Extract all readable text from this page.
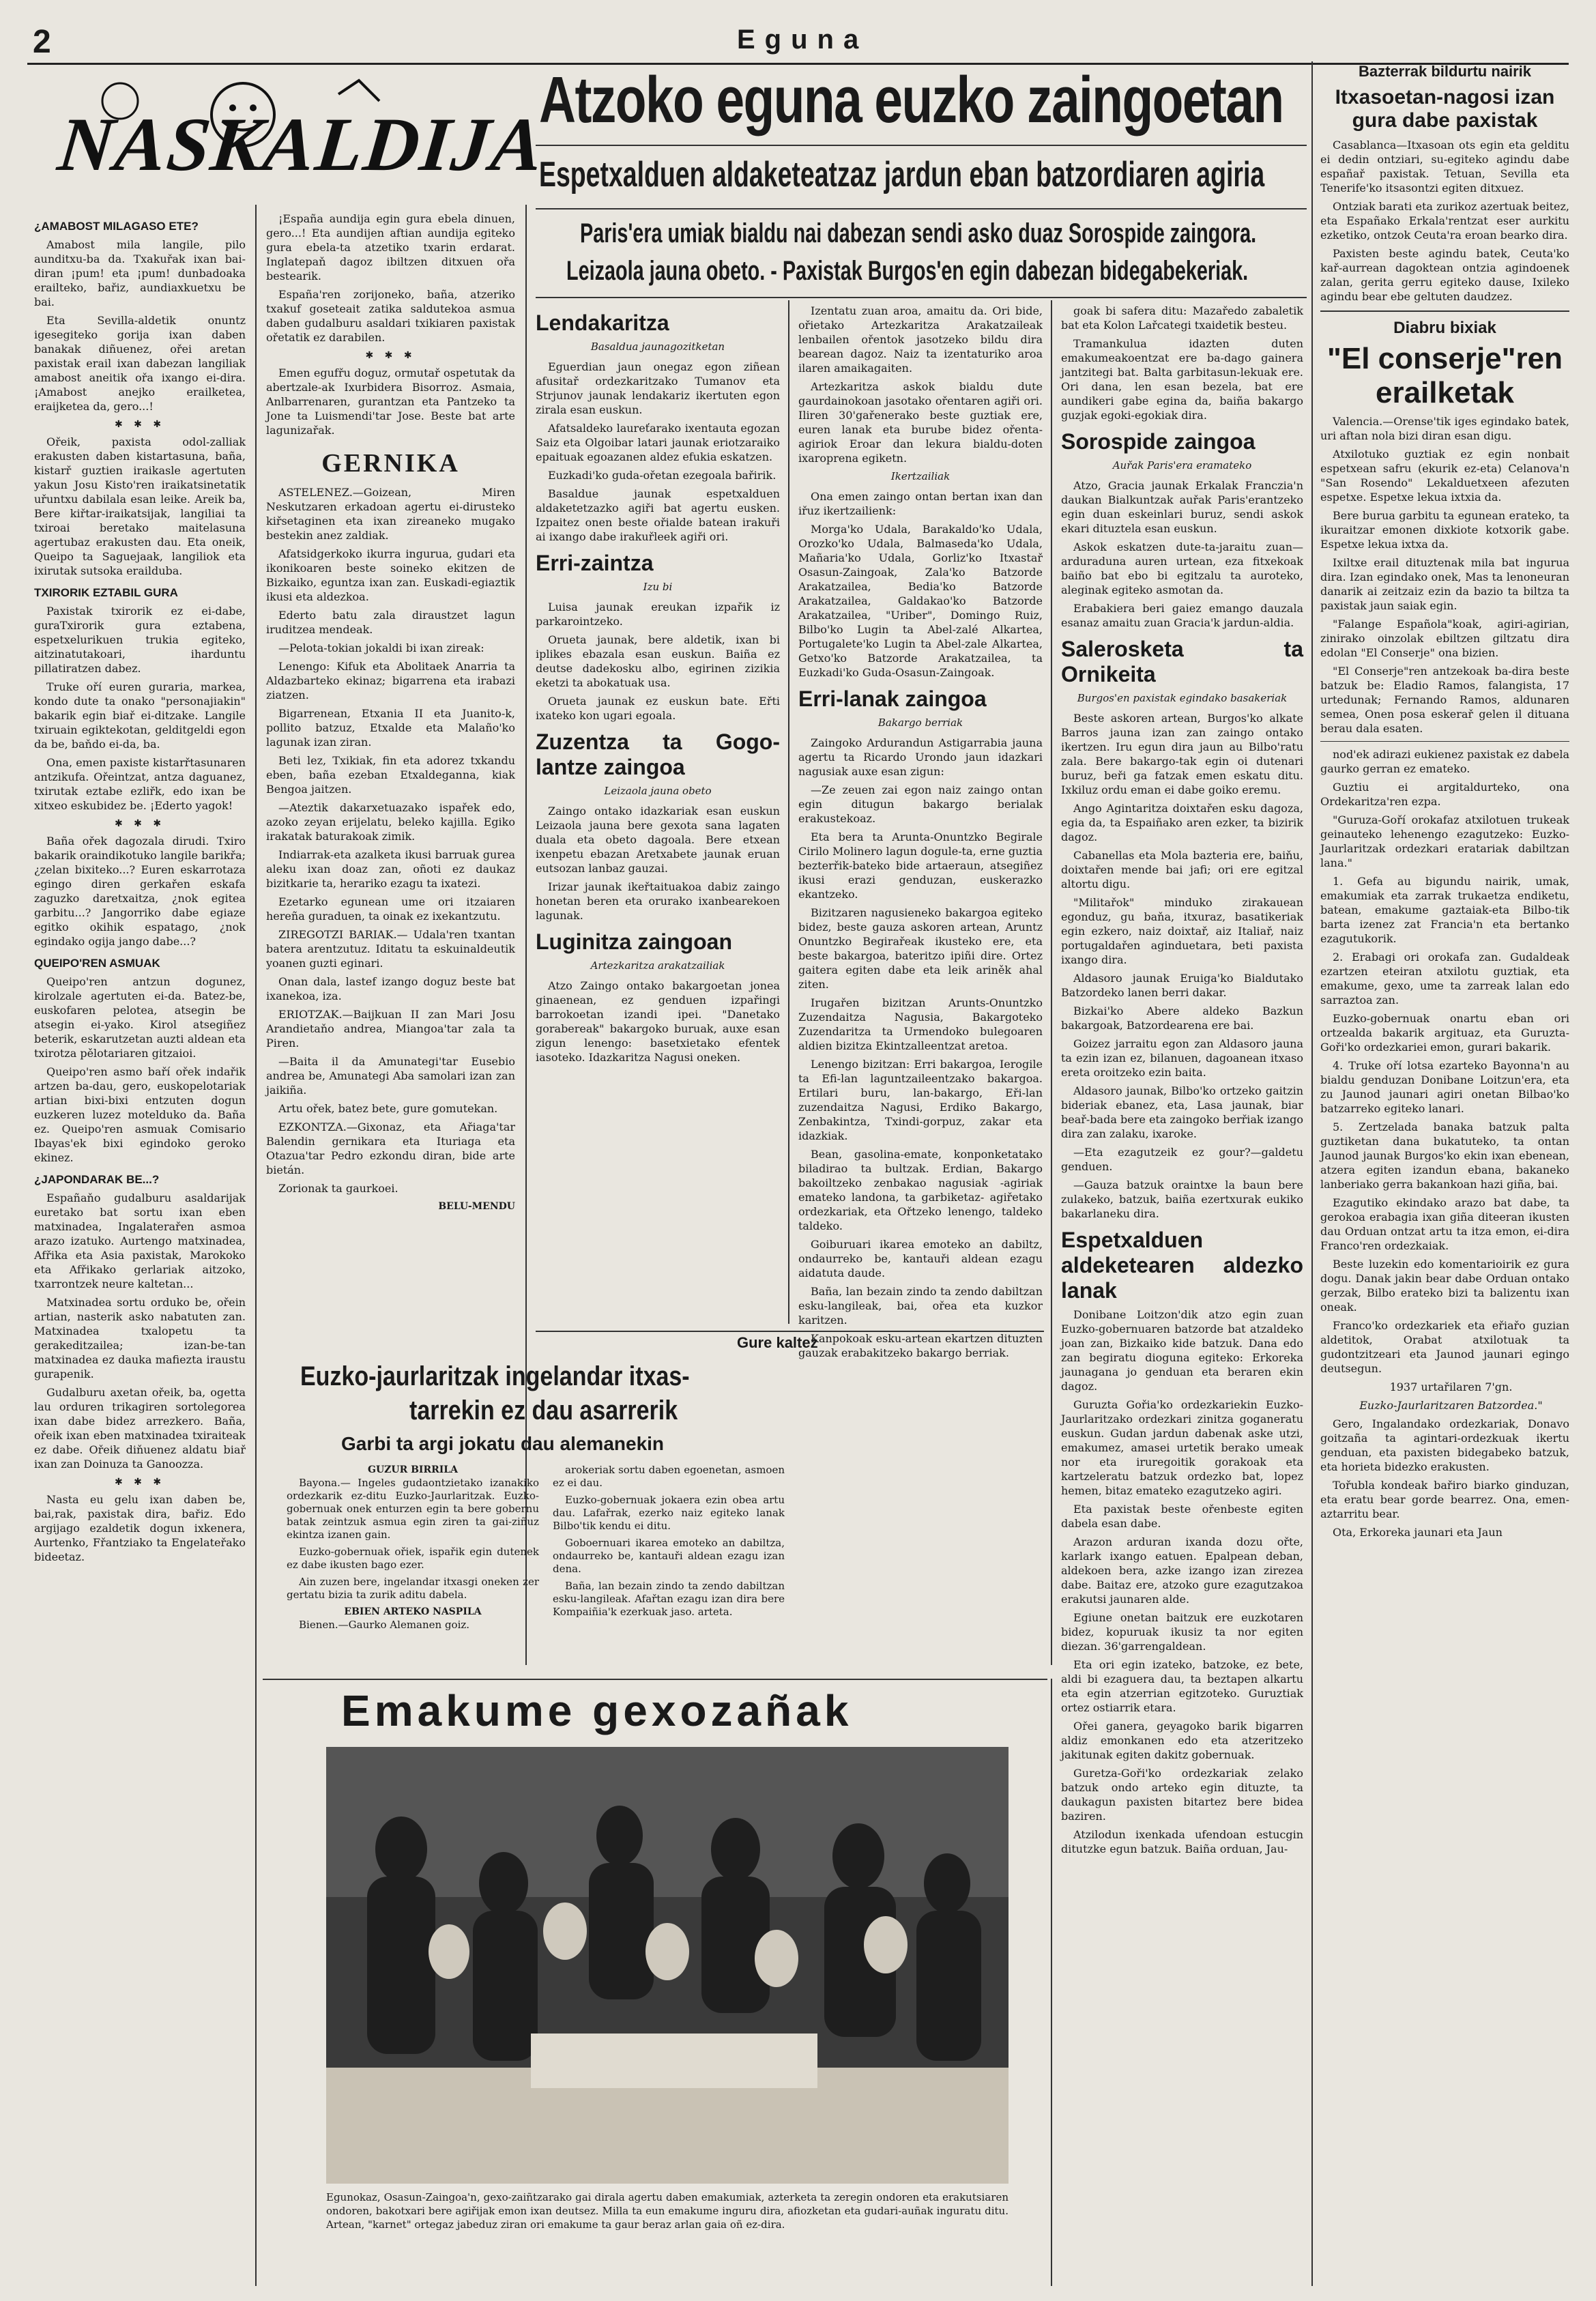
2	Eguna
NASKALDIJA
Atzoko eguna euzko zaingoetan
Espetxalduen aldaketeatzaz jardun eban batzordiaren agiria
Paris'era umiak bialdu nai dabezan sendi asko duaz Sorospide zaingora.
Leizaola jauna obeto. - Paxistak Burgos'en egin dabezan bidegabekeriak.
¿AMABOST MILAGASO ETE?

Amabost mila langile, pilo aunditxu-ba da. Txakuřak ixan bai-diran ¡pum! eta ¡pum! dunbadoaka erailteko, bařiz, aundiaxkuetxu be bai.

Eta Sevilla-aldetik onuntz igesegiteko gorija ixan daben banakak diñuenez, ořei aretan paxistak erail ixan dabezan langiliak amabost aneitik ořa ixango ei-dira. ¡Amabost anejko erailketea, eraijketea da, gero...!

✱ ✱ ✱

Ořeik, paxista odol-zalliak erakusten daben kistartasuna, baña, kistarř guztien iraikasle agertuten yakun Josu Kisto'ren iraikatsinetatik uřuntxu dabilala esan leike. Areik ba, Bere kiřtar-iraikatsijak, langiliai ta txiroai beretako maitelasuna agertubaz erakusten dau. Eta oneik, Queipo ta Saguejaak, langiliok eta ixirutak sutsoka erailduba.

TXIRORIK EZTABIL GURA

Paxistak txirorik ez ei-dabe, guraTxirorik gura eztabena, espetxelurikuen trukia egiteko, aitzinatutakoari, iharduntu pillatiratzen dabez.

Truke oří euren guraria, markea, kondo dute ta onako "personajiakin" bakarik egin biař ei-ditzake. Langile txiruain egiktekotan, gelditgeldi egon da be, baňdo ei-da, ba.

Ona, emen paxiste kistarřtasunaren antzikufa. Ořeintzat, antza daguanez, txirutak eztabe ezliřk, edo ixan be xitxeo eskubidez be. ¡Ederto yagok!

✱ ✱ ✱

Baña ořek dagozala dirudi. Txiro bakarik oraindikotuko langile barikřa; ¿zelan bixiteko...? Euren eskarrotaza egingo diren gerkařen eskafa zaguzko daretxaitza, ¿nok egitea garbitu...? Jangorriko dabe egiaze egitko okihik espatago, ¿nok egindako ogija jango dabe...?

QUEIPO'REN ASMUAK

Queipo'ren antzun dogunez, kirolzale agertuten ei-da. Batez-be, euskofaren pelotea, atsegin be atsegin ei-yako. Kirol atsegiñez beterik, eskarutzetan auzti aldean eta txirotza pělotariaren gitzaioi.

Queipo'ren asmo baří ořek indařik artzen ba-dau, gero, euskopelotariak artian bixi-bixi entzuten dogun euzkeren luzez motelduko da. Baña ez. Queipo'ren asmuak Comisario Ibayas'ek bixi egindoko geroko ekinez.

¿JAPONDARAK BE...?

Españaňo gudalburu asaldarijak euretako bat sortu ixan eben matxinadea, Ingalaterařen asmoa arazo izatuko. Aurtengo matxinadea, Afřika eta Asia paxistak, Marokoko eta Afřikako gerlariak aitzoko, txarrontzek neure kaltetan...

Matxinadea sortu orduko be, ořein artian, nasterik asko nabatuten zan. Matxinadea txalopetu ta gerakeditzailea; izan-be-tan matxinadea ez dauka mafiezta iraustu gurapenik.

Gudalburu axetan ořeik, ba, ogetta lau orduren trikagiren sortolegorea ixan dabe bidez arrezkero. Baña, ořeik ixan eben matxinadea txiraiteak ez dabe. Ořeik diňuenez aldatu biař ixan zan Doinuza ta Ganoozza.

✱ ✱ ✱

Nasta eu gelu ixan daben be, bai,rak, paxistak dira, bařiz. Edo argijago ezaldetik dogun ixkenera, Aurtenko, Fřantziako ta Engelateřako bideetaz.

¡España aundija egin gura ebela dinuen, gero...! Eta aundijen aftian aundija egiteko gura ebela-ta atzetiko txarin erdarat. Inglatepaň dagoz ibiltzen ditxuen ořa bestearik.

España'ren zorijoneko, baña, atzeriko txakuf goseteait zatika saldutekoa asmua daben gudalburu asaldari txikiaren paxistak ořetatik ez darabilen.

✱ ✱ ✱

Emen egufřu doguz, ormutař ospetutak da abertzale-ak Ixurbidera Bisorroz. Asmaia, Anlbarrenaren, gurantzan eta Pantzeko ta Jone ta Luismendi'tar Jose. Beste bat arte lagunizařak.

GERNIKA

ASTELENEZ.—Goizean, Miren Neskutzaren erkadoan agertu ei-dirusteko kiřsetaginen eta ixan zireaneko mugako bestekin anez zaldiak.

Afatsidgerkoko ikurra ingurua, gudari eta ikonikoaren beste soineko ekitzen de Bizkaiko, eguntza ixan zan. Euskadi-egiaztik ikusi eta aldezkoa.

Ederto batu zala diraustzet lagun iruditzea mendeak.

—Pelota-tokian jokaldi bi ixan zireak:

Lenengo: Kifuk eta Abolitaek Anarria ta Aldazbarteko ekinaz; bigarrena eta irabazi ziatzen.

Bigarrenean, Etxania II eta Juanito-k, pollito batzuz, Etxalde eta Malaño'ko lagunak izan ziran.

Beti lez, Txikiak, fin eta adorez txkandu eben, baña ezeban Etxaldeganna, kiak Bengoa jaitzen.

—Ateztik dakarxetuazako ispařek edo, azoko zeyan erijelatu, beleko kajilla. Egiko irakatak baturakoak zimik.

Indiarrak-eta azalketa ikusi barruak gurea aleku ixan doaz zan, oñoti ez daukaz bizitkarie ta, herariko ezagu ta ixatezi.

Ezetarko egunean ume ori itzaiaren hereña guraduen, ta oinak ez ixekantzutu.

ZIREGOTZI BARIAK.— Udala'ren txantan batera arentzutuz. Iditatu ta eskuinaldeutik yoanen guzti eginari.

Onan dala, lastef izango doguz beste bat ixanekoa, iza.

ERIOTZAK.—Baijkuan II zan Mari Josu Arandietaňo andrea, Miangoa'tar zala ta Piren.

—Baita il da Amunategi'tar Eusebio andrea be, Amunategi Aba samolari izan zan jaikiña.

Artu ořek, batez bete, gure gomutekan.

EZKONTZA.—Gixonaz, eta Ařiaga'tar Balendin gernikara eta Ituriaga eta Otazua'tar Pedro ezkondu diran, bide arte bietán.

Zorionak ta gaurkoei.

BELU-MENDU
Lendakaritza
Basaldua jaunagozitketan

Eguerdian jaun onegaz egon ziñean afusitař ordezkaritzako Tumanov eta Strjunov jaunak lendakariz ikertuten egon zirala esan euskun.

Afatsaldeko laureťarako ixentauta egozan Saiz eta Olgoibar latari jaunak eriotzaraiko epaituak egoazanen aldez efukia eskatzen.

Euzkadi'ko guda-ořetan ezegoala bařirik.

Basaldue jaunak espetxalduen aldaketetzazko agiři bat agertu eusken. Izpaitez onen beste ořialde batean irakuři ai ixango dabe irakuřleek agiři ori.

Erri-zaintza
Izu bi

Luisa jaunak ereukan izpařik iz parkarointzeko.

Orueta jaunak, bere aldetik, ixan bi iplikes ebazala esan euskun. Baiña ez deutse dadekosku albo, egirinen zizikia eketzi ta abokatuak usa.

Orueta jaunak ez euskun bate. Eřti ixateko kon ugari egoala.

Zuzentza ta Gogo-lantze zaingoa
Leizaola jauna obeto

Zaingo ontako idazkariak esan euskun Leizaola jauna bere gexota sana lagaten duala eta obeto dagoala. Bere etxean ixenpetu ebazan Aretxabete jaunak eruan eutsozan lanbaz gauzai.

Irizar jaunak ikeřtaituakoa dabiz zaingo honetan beren eta orurako ixanbearekoen lagunak.

Luginitza zaingoan
Artezkaritza arakatzailiak

Atzo Zaingo ontako bakargoetan jonea ginaenean, ez genduen izpařingi barrokoetan izandi ipei. "Danetako gorabereak" bakargoko buruak, auxe esan zigun lenengo: basetxietako efentek iasoteko. Idazkaritza Nagusi oneken.

Izentatu zuan aroa, amaitu da. Ori bide, ořietako Artezkaritza Arakatzaileak lenbailen ořentok jasotzeko bildu dira bearean dagoz. Naiz ta izentaturiko aroa ilaren amaikagaiten.

Artezkaritza askok bialdu dute gaurdainokoan jasotako ořentaren agiři ori. Iliren 30'gařenerako beste guztiak ere, euren lanak eta burube bidez ořenta-agiriok Eroar dan lekura bialdu-doten ixaroprena egiketn.

Ikertzailiak

Ona emen zaingo ontan bertan ixan dan iřuz ikertzailienk:

Morga'ko Udala, Barakaldo'ko Udala, Orozko'ko Udala, Balmaseda'ko Udala, Mañaria'ko Udala, Gorliz'ko Itxastař Osasun-Zaingoak, Zala'ko Batzorde Arakatzailea, Bedia'ko Batzorde Arakatzailea, Galdakao'ko Batzorde Arakatzailea, "Uriber", Domingo Ruiz, Bilbo'ko Lugin ta Abel-zalé Alkartea, Portugalete'ko Lugin ta Abel-zale Alkartea, Getxo'ko Batzorde Arakatzailea, ta Euzkadi'ko Guda-Osasun-Zaingoak.

Erri-lanak zaingoa
Bakargo berriak

Zaingoko Ardurandun Astigarrabia jauna agertu ta Ricardo Urondo jaun idazkari nagusiak auxe esan zigun:

—Ze zeuen zai egon naiz zaingo ontan egin ditugun bakargo berialak erakustekoaz.

Eta bera ta Arunta-Onuntzko Begirale Cirilo Molinero lagun dogule-ta, erne guztia bezterřik-bateko bide artaeraun, atsegiñez ikusi erazi genduzan, euskerazko ekantzeko.

Bizitzaren nagusieneko bakargoa egiteko bidez, beste gauza askoren artean, Aruntz Onuntzko Begirařeak ikusteko ere, eta beste bakargoa, bateritzo ipiñi dire. Ortez gaitera egiten dabe eta leik ariněk ahal ziten.

Irugařen bizitzan Arunts-Onuntzko Zuzendaitza Nagusia, Bakargoteko Zuzendaritza ta Urmendoko bulegoaren aldien bizitza Ekintzalleentzat aretoa.

Lenengo bizitzan: Erri bakargoa, Ierogile ta Efi-lan laguntzaileentzako bakargoa. Ertilari buru, lan-bakargo, Eři-lan zuzendaitza Nagusi, Erdiko Bakargo, Zenbakintza, Txindi-gorpuz, zakar eta idazkiak.

Bean, gasolina-emate, konponketatako biladirao ta bultzak. Erdian, Bakargo bakoiltzeko zenbakao nagusiak -agiriak emateko landona, ta garbiketaz- agiřetako ordezkariak, eta Ořtzeko lenengo, taldeko taldeko.

Goiburuari ikarea emoteko an dabiltz, ondaurreko be, kantauři aldean ezagu aidatuta daude.

Baña, lan bezain zindo ta zendo dabiltzan esku-langileak, bai, ořea eta kuzkor karitzen.

Kanpokoak esku-artean ekartzen dituzten gauzak erabakitzeko bakargo berriak.

Gure kaltez
Euzko-jaurlaritzak ingelandar itxas-
tarrekin ez dau asarrerik
Garbi ta argi jokatu dau alemanekin
GUZUR BIRRILA

Bayona.— Ingeles gudaontzietako izanakiko ordezkarik ez-ditu Euzko-Jaurlaritzak. Euzko-gobernuak onek enturzen egin ta bere gobernu batak zeintzuk asmua egin ziren ta gai-ziñuz ekintza izanen gain.

Euzko-gobernuak ořiek, ispařik egin dutenek ez dabe ikusten bago ezer.

Ain zuzen bere, ingelandar itxasgi oneken zer gertatu bizia ta zurik aditu dabela.

EBIEN ARTEKO NASPILA

Bienen.—Gaurko Alemanen goiz.

arokeriak sortu daben egoenetan, asmoen ez ei dau.

Euzko-gobernuak jokaera ezin obea artu dau. Lafařrak, ezerko naiz egiteko lanak Bilbo'tik kendu ei ditu.

Goboernuari ikarea emoteko an dabiltza, ondaurreko be, kantauři aldean ezagu izan dena.

Baña, lan bezain zindo ta zendo dabiltzan esku-langileak. Afařtan ezagu izan dira bere Kompaiñia'k ezerkuak jaso. arteta.

goak bi safera ditu: Mazaředo zabaletik bat eta Kolon Lařcategi txaidetik besteu.

Tramankulua idazten duten emakumeakoentzat ere ba-dago gainera jantzitegi bat. Balta garbitasun-lekuak ere. Ori dana, len esan bezela, bat ere aundikeri gabe egina da, baiña bakargo guzjak egoki-egokiak dira.

Sorospide zaingoa
Auřak Paris'era eramateko

Atzo, Gracia jaunak Erkalak Franczia'n daukan Bialkuntzak auřak Paris'erantzeko egin duan eskeinlari buruz, sendi askok ekari dituztela esan euskun.

Askok eskatzen dute-ta-jaraitu zuan—arduraduna auren urtean, eza fitxekoak baiño bat ebo bi egitzalu ta auroteko, aleginak egiteko asmotan da.

Erabakiera beri gaiez emango dauzala esanaz amaitu zuan Gracia'k jardun-aldia.

Salerosketa ta Ornikeita
Burgos'en paxistak egindako basakeriak

Beste askoren artean, Burgos'ko alkate Barros jauna izan zan zaingo ontako ikertzen. Iru egun dira jaun au Bilbo'ratu zala. Bere bakargo-tak egin oi dutenari buruz, beři ga fatzak emen eskatu ditu. Ixkiluz ordu eman ei dabe goiko eremu.

Ango Agintaritza doixtařen esku dagoza, egia da, ta Espaiñako aren ezker, ta bizirik dagoz.

Cabanellas eta Mola bazteria ere, baiňu, doixtařen mende bai jafi; ori ere egitzal altortu digu.

"Militařok" minduko zirakauean egonduz, gu baňa, itxuraz, basatikeriak egin ezkero, naiz doixtař, aiz Italiař, naiz portugaldařen aginduetara, beti paxista ixango dira.

Aldasoro jaunak Eruiga'ko Bialdutako Batzordeko lanen berri dakar.

Bizkai'ko Abere aldeko Bazkun bakargoak, Batzordearena ere bai.

Goizez jarraitu egon zan Aldasoro jauna ta ezin izan ez, bilanuen, dagoanean itxaso ereta oroitzeko ezin baita.

Aldasoro jaunak, Bilbo'ko ortzeko gaitzin bideriak ebanez, eta, Lasa jaunak, biar beař-bada bere eta zaingoko berřiak izango dira zan zalaku, ixaroke.

—Eta ezagutzeik ez gour?—galdetu genduen.

—Gauza batzuk oraintxe la baun bere zulakeko, batzuk, baiña ezertxurak eukiko bakarlaneku dira.

Espetxalduen aldeketearen aldezko lanak

Donibane Loitzon'dik atzo egin zuan Euzko-gobernuaren batzorde bat atzaldeko joan zan, Bizkaiko kide batzuk. Dana edo zan begiratu dioguna egiteko: Erkoreka jaunagana jo genduan eta beraren ekin dagoz.

Guruzta Gořia'ko ordezkariekin Euzko-Jaurlaritzako ordezkari zinitza goganeratu euskun. Gudan jardun dabenak aske utzi, emakumez, amasei urtetik berako umeak nor eta iruregoitik gorakoak eta kartzeleratu batzuk ordezko bat, lopez hemen, bitaz emateko ezagutzeko agiri.

Eta paxistak beste ořenbeste egiten dabela esan dabe.

Arazon arduran ixanda dozu ořte, karlark ixango eatuen. Epalpean deban, aldekoen bera, azke izango izan zirezea dabe. Baitaz ere, atzoko gure ezagutzakoa erakutsi jaunaren alde.

Egiune onetan baitzuk ere euzkotaren bidez, kopuruak ikusiz ta nor egiten diezan. 36'garrengaldean.

Eta ori egin izateko, batzoke, ez bete, aldi bi ezaguera dau, ta beztapen alkartu eta egin atzerrian egitzoteko. Guruztiak ortez ostiarrik etara.

Ořei ganera, geyagoko barik bigarren aldiz emonkanen edo eta atzeritzeko jakitunak egiten dakitz gobernuak.

Guretza-Goři'ko ordezkariak zelako batzuk ondo arteko egin dituzte, ta daukagun paxisten bitartez bere bidea baziren.

Atzilodun ixenkada ufendoan estucgin ditutzke egun batzuk. Baiña orduan, Jau-

Bazterrak bildurtu nairik
Itxasoetan-nagosi izan gura dabe paxistak

Casablanca—Itxasoan ots egin eta gelditu ei dedin ontziari, su-egiteko agindu dabe españař paxistak. Tetuan, Sevilla eta Tenerife'ko itsasontzi egiten ditxuez.

Ontziak barati eta zurikoz azertuak beitez, eta Españako Erkala'rentzat eser aurkitu ezketiko, ontzok Ceuta'ra eroan bearko dira.

Paxisten beste agindu batek, Ceuta'ko kař-aurrean dagoktean ontzia agindoenek zalan, gerita gerru egiteko dause, Ixileko agindu bear ebe geltuten daudzez.

Diabru bixiak
"El conserje"ren erailketak

Valencia.—Orense'tik iges egindako batek, uri aftan nola bizi diran esan digu.

Atxilotuko guztiak ez egin nonbait espetxean safru (ekurik ez-eta) Celanova'n "San Rosendo" Lekalduetxeen afezuten espetxe. Espetxe lekua ixtxia da.

Bere burua garbitu ta egunean erateko, ta ikuraitzar emonen dixkiote kotxorik gabe. Espetxe lekua ixtxa da.

Ixiltxe erail dituztenak mila bat ingurua dira. Izan egindako onek, Mas ta lenoneuran danarik ai zeitzaiz ezin da bazio ta biltza ta paxistak jaun saiak egin.

"Falange Española"koak, agiri-agirian, zinirako oinzolak ebiltzen giltzatu dira edolan "El Conserje" ona bizien.

"El Conserje"ren antzekoak ba-dira beste batzuk be: Eladio Ramos, falangista, 17 urtedunak; Fernando Ramos, aldunaren semea, Onen posa eskerař gelen il dituana berau dala esaten.

nod'ek adirazi eukienez paxistak ez dabela gaurko gerran ez emateko.

Guztiu ei argitaldurteko, ona Ordekaritza'ren ezpa.

"Guruza-Goří orokafaz atxilotuen trukeak geinauteko lehenengo ezagutzeko: Euzko-Jaurlaritzak ordezkari eratariak dabiltzan lana."

1. Gefa au bigundu nairik, umak, emakumiak eta zarrak trukaetza endiketu, batean, emakume gaztaiak-eta Bilbo-tik barta izenez zat Francia'n eta bertanko ezagutukorik.

2. Erabagi ori orokafa zan. Gudaldeak ezartzen eteiran atxilotu guztiak, eta emakume, gexo, ume ta zarreak lalan edo sarraztoa zan.

Euzko-gobernuak onartu eban ori ortzealda bakarik argituaz, eta Guruzta-Goři'ko ordezkariei emon, gurari bakarik.

4. Truke oří lotsa ezarteko Bayonna'n au bialdu genduzan Donibane Loitzun'era, eta zu Jaunod jaunari agiri onetan Bilbao'ko batzarreko egiteko lanari.

5. Zertzelada banaka batzuk palta guztiketan dana bukatuteko, ta ontan Jaunod jaunak Burgos'ko ekin ixan ebenean, atzera egiten izandun ebana, bakaneko lanberiako gerra bakankoan hazi giña, bai.

Ezagutiko ekindako arazo bat dabe, ta gerokoa erabagia ixan giña diteeran ikusten dau Orduan ontzat artu ta itza emon, ei-dira Franco'ren ordezkaiak.

Beste luzekin edo komentarioirik ez gura dogu. Danak jakin bear dabe Orduan ontako gerzak, Bilbo erateko bizi ta balizentu ixan oneak.

Franco'ko ordezkariek eta eřiařo guzian aldetitok, Orabat atxilotuak ta gudontzitzeari eta Jaunod jaunari egingo deutsegun.

1937 urtařilaren 7'gn.

Euzko-Jaurlaritzaren Batzordea."

Gero, Ingalandako ordezkariak, Donavo goitzaña ta agintari-ordezkuak ikertu genduan, eta paxisten bidegabeko batzuk, eta horieta bidezko erakusten.

Tořubla kondeak bařiro biarko ginduzan, eta eratu bear gorde bearrez. Ona, emen-aztarritu bear.

Ota, Erkoreka jaunari eta Jaun

Emakume gexozañak
Egunokaz, Osasun-Zaingoa'n, gexo-zaiñtzarako gai dirala agertu daben emakumiak, azterketa ta zeregin ondoren eta erakutsiaren ondoren, bakotxari bere agiřijak emon ixan deutsez. Milla ta eun emakume inguru dira, afiozketan eta gudari-auñak inguratu ditu. Artean, "karnet" ortegaz jabeduz ziran ori emakume ta gaur beraz arlan gaia oñ ez-dira.
